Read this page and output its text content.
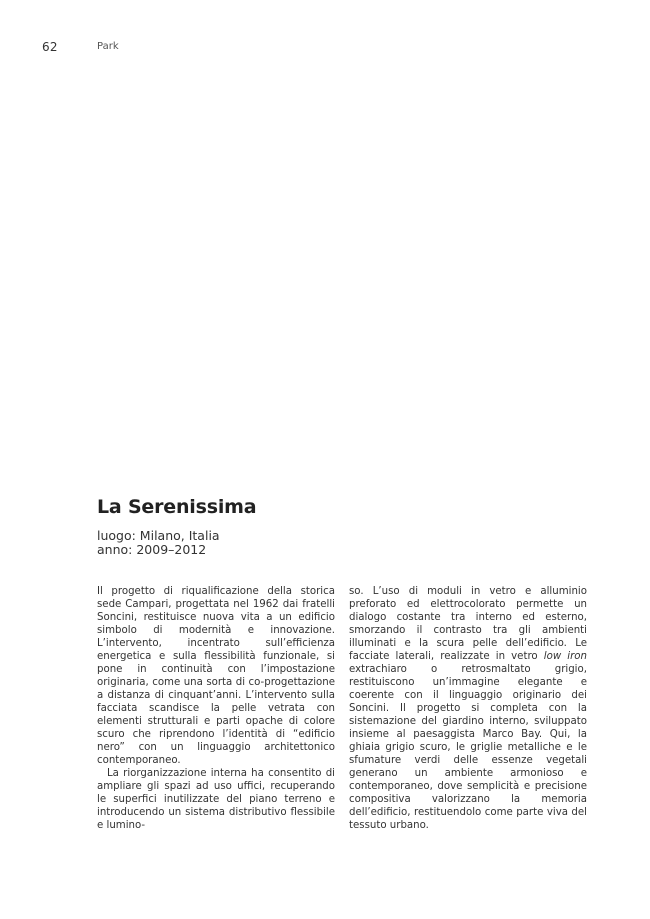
62	Park
La Serenissima
luogo: Milano, Italia
anno: 2009–2012

Il progetto di riqualificazione della storica sede Campari, progettata nel 1962 dai fratelli Soncini, restituisce nuova vita a un edificio simbolo di modernità e innovazione. L’intervento, incentrato sull’efficienza energetica e sulla flessibilità funzionale, si pone in continuità con l’impostazione originaria, come una sorta di co-progettazione a distanza di cinquant’anni. L’intervento sulla facciata scandisce la pelle vetrata con elementi strutturali e parti opache di colore scuro che riprendono l’identità di “edificio nero” con un linguaggio architettonico contemporaneo.

La riorganizzazione interna ha consentito di ampliare gli spazi ad uso uffici, recuperando le superfici inutilizzate del piano terreno e introducendo un sistema distributivo flessibile e lumino-

so. L’uso di moduli in vetro e alluminio preforato ed elettrocolorato permette un dialogo costante tra interno ed esterno, smorzando il contrasto tra gli ambienti illuminati e la scura pelle dell’edificio. Le facciate laterali, realizzate in vetro low iron extrachiaro o retrosmaltato grigio, restituiscono un’immagine elegante e coerente con il linguaggio originario dei Soncini. Il progetto si completa con la sistemazione del giardino interno, sviluppato insieme al paesaggista Marco Bay. Qui, la ghiaia grigio scuro, le griglie metalliche e le sfumature verdi delle essenze vegetali generano un ambiente armonioso e contemporaneo, dove semplicità e precisione compositiva valorizzano la memoria dell’edificio, restituendolo come parte viva del tessuto urbano.
